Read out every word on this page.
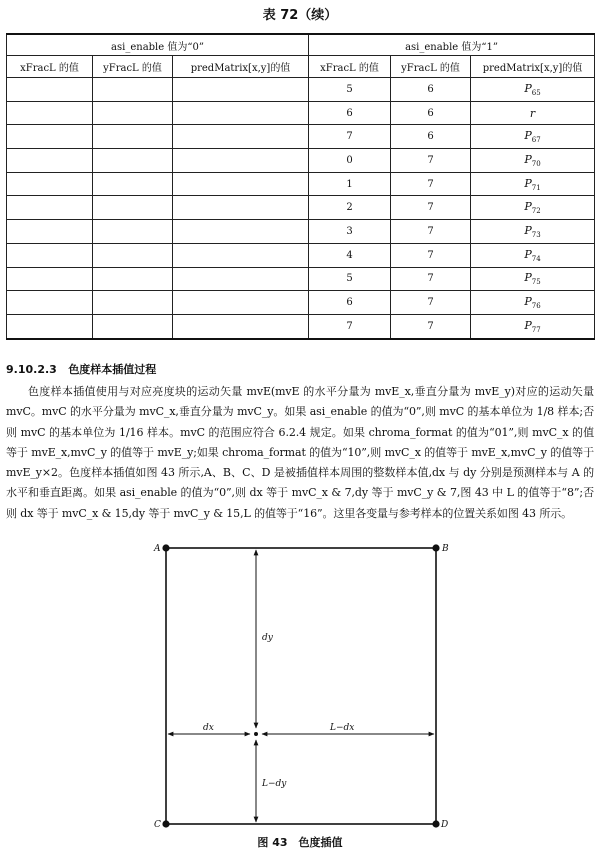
表 72（续）
asi_enable 值为“0”			asi_enable 值为“1”		
xFracL 的值	yFracL 的值	predMatrix[x,y]的值	xFracL 的值	yFracL 的值	predMatrix[x,y]的值
			5	6	$P_{65}$
			6	6	r
			7	6	$P_{67}$
			0	7	$P_{70}$
			1	7	$P_{71}$
			2	7	$P_{72}$
			3	7	$P_{73}$
			4	7	$P_{74}$
			5	7	$P_{75}$
			6	7	$P_{76}$
			7	7	$P_{77}$
9.10.2.3 色度样本插值过程
色度样本插值使用与对应亮度块的运动矢量 mvE(mvE 的水平分量为 mvE_x,垂直分量为 mvE_y)对应的运动矢量 mvC。mvC 的水平分量为 mvC_x,垂直分量为 mvC_y。如果 asi_enable 的值为“0”,则 mvC 的基本单位为 1/8 样本;否则 mvC 的基本单位为 1/16 样本。mvC 的范围应符合 6.2.4 规定。如果 chroma_format 的值为“01”,则 mvC_x 的值等于 mvE_x,mvC_y 的值等于 mvE_y;如果 chroma_format 的值为“10”,则 mvC_x 的值等于 mvE_x,mvC_y 的值等于 mvE_y×2。色度样本插值如图 43 所示,A、B、C、D 是被插值样本周围的整数样本值,dx 与 dy 分别是预测样本与 A 的水平和垂直距离。如果 asi_enable 的值为“0”,则 dx 等于 mvC_x & 7,dy 等于 mvC_y & 7,图 43 中 L 的值等于“8”;否则 dx 等于 mvC_x & 15,dy 等于 mvC_y & 15,L 的值等于“16”。这里各变量与参考样本的位置关系如图 43 所示。
A	B
C	D
dy
dx	L−dx
L−dy
图 43　色度插值
